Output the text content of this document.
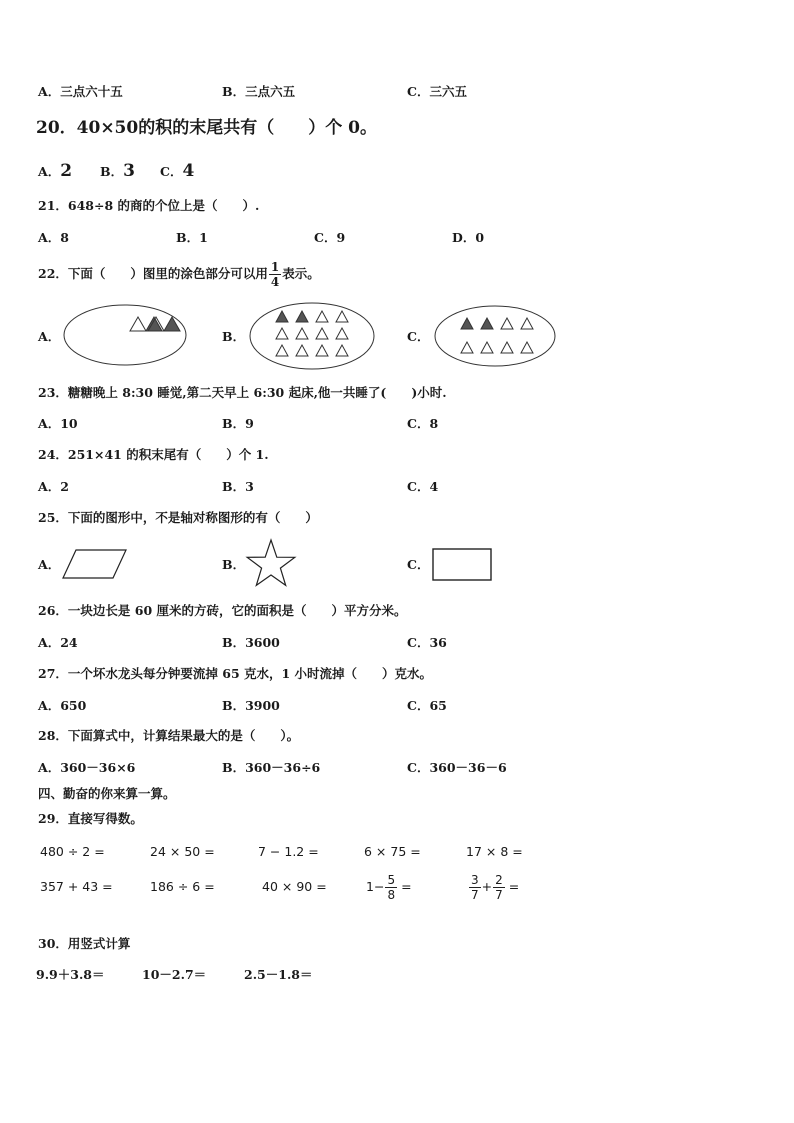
A．三点六十五	B．三点六五	C．三六五
20．40×50的积的末尾共有（　　）个 0。
A．2 B．3 C．4
21．648÷8 的商的个位上是（　　）.
A．8	B．1	C．9	D．0
22．下面（　　）图里的涂色部分可以用 $\frac{1}{4}$ 表示。
A．	B．	C．
23．糖糖晚上 8:30 睡觉,第二天早上 6:30 起床,他一共睡了(　　)小时.
A．10	B．9	C．8
24．251×41 的积末尾有（　　）个 1.
A．2	B．3	C．4
25．下面的图形中，不是轴对称图形的有（　　）
A．	B．	C．
26．一块边长是 60 厘米的方砖，它的面积是（　　）平方分米。
A．24	B．3600	C．36
27．一个坏水龙头每分钟要流掉 65 克水，1 小时流掉（　　）克水。
A．650	B．3900	C．65
28．下面算式中，计算结果最大的是（　　）。
A．360－36×6	B．360－36÷6	C．360－36－6
四、勤奋的你来算一算。
29．直接写得数。
480 ÷ 2 =	24 × 50 =	7 − 1.2 =	6 × 75 =	17 × 8 =
357 + 43 =	186 ÷ 6 =	40 × 90 =	$1- \frac{5}{8}$ =	$\frac{3}{7} + \frac{2}{7}$ =
30．用竖式计算
9.9＋3.8＝	10－2.7＝	2.5－1.8＝
